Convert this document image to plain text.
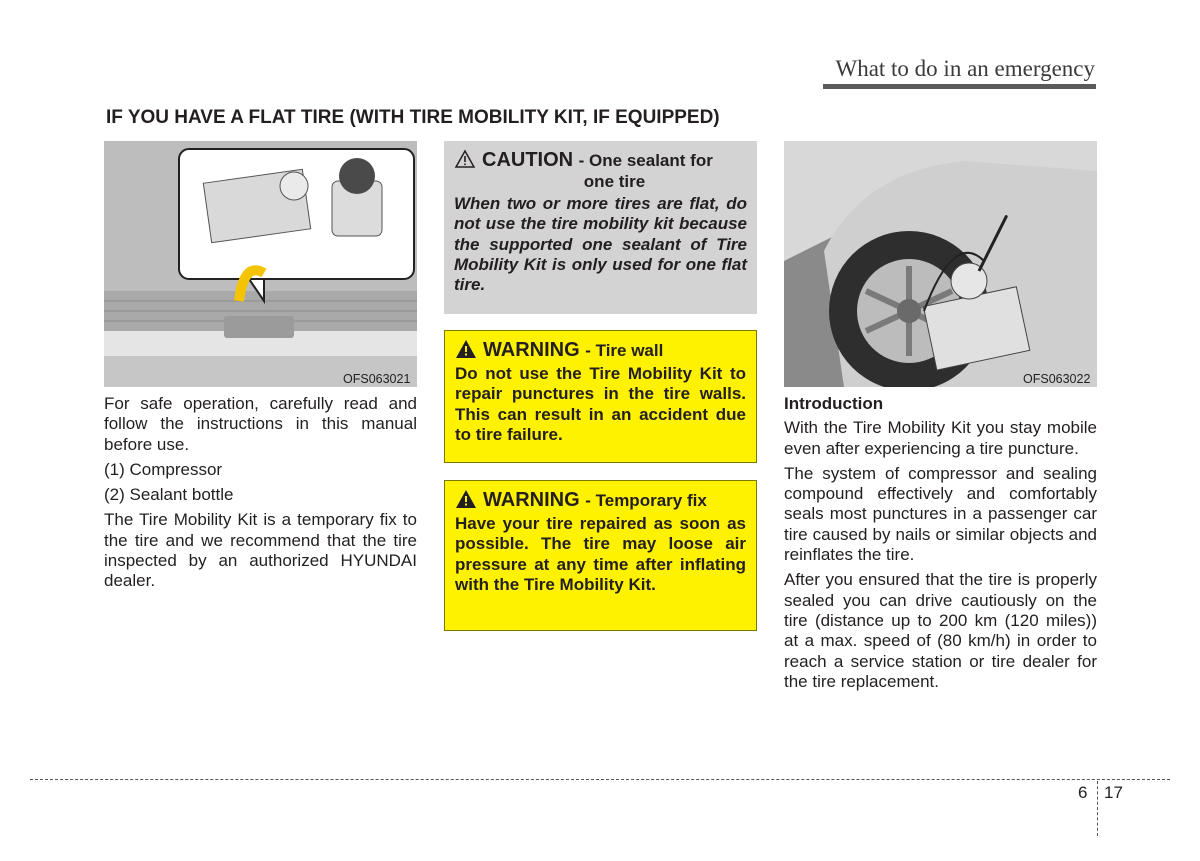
What to do in an emergency
IF YOU HAVE A FLAT TIRE (WITH TIRE MOBILITY KIT, IF EQUIPPED)
OFS063021

For safe operation, carefully read and follow the instructions in this manual before use.

(1) Compressor

(2) Sealant bottle

The Tire Mobility Kit is a temporary fix to the tire and we recommend that the tire inspected by an authorized HYUNDAI dealer.

CAUTION - One sealant for
one tire
When two or more tires are flat, do not use the tire mobility kit because the supported one sealant of Tire Mobility Kit is only used for one flat tire.
WARNING - Tire wall
Do not use the Tire Mobility Kit to repair punctures in the tire walls. This can result in an accident due to tire failure.
WARNING - Temporary fix
Have your tire repaired as soon as possible. The tire may loose air pressure at any time after inflating with the Tire Mobility Kit.
OFS063022

Introduction

With the Tire Mobility Kit you stay mobile even after experiencing a tire puncture.

The system of compressor and sealing compound effectively and comfortably seals most punctures in a passenger car tire caused by nails or similar objects and reinflates the tire.

After you ensured that the tire is properly sealed you can drive cautiously on the tire (distance up to 200 km (120 miles)) at a max. speed of (80 km/h) in order to reach a service station or tire dealer for the tire replacement.

6 17
